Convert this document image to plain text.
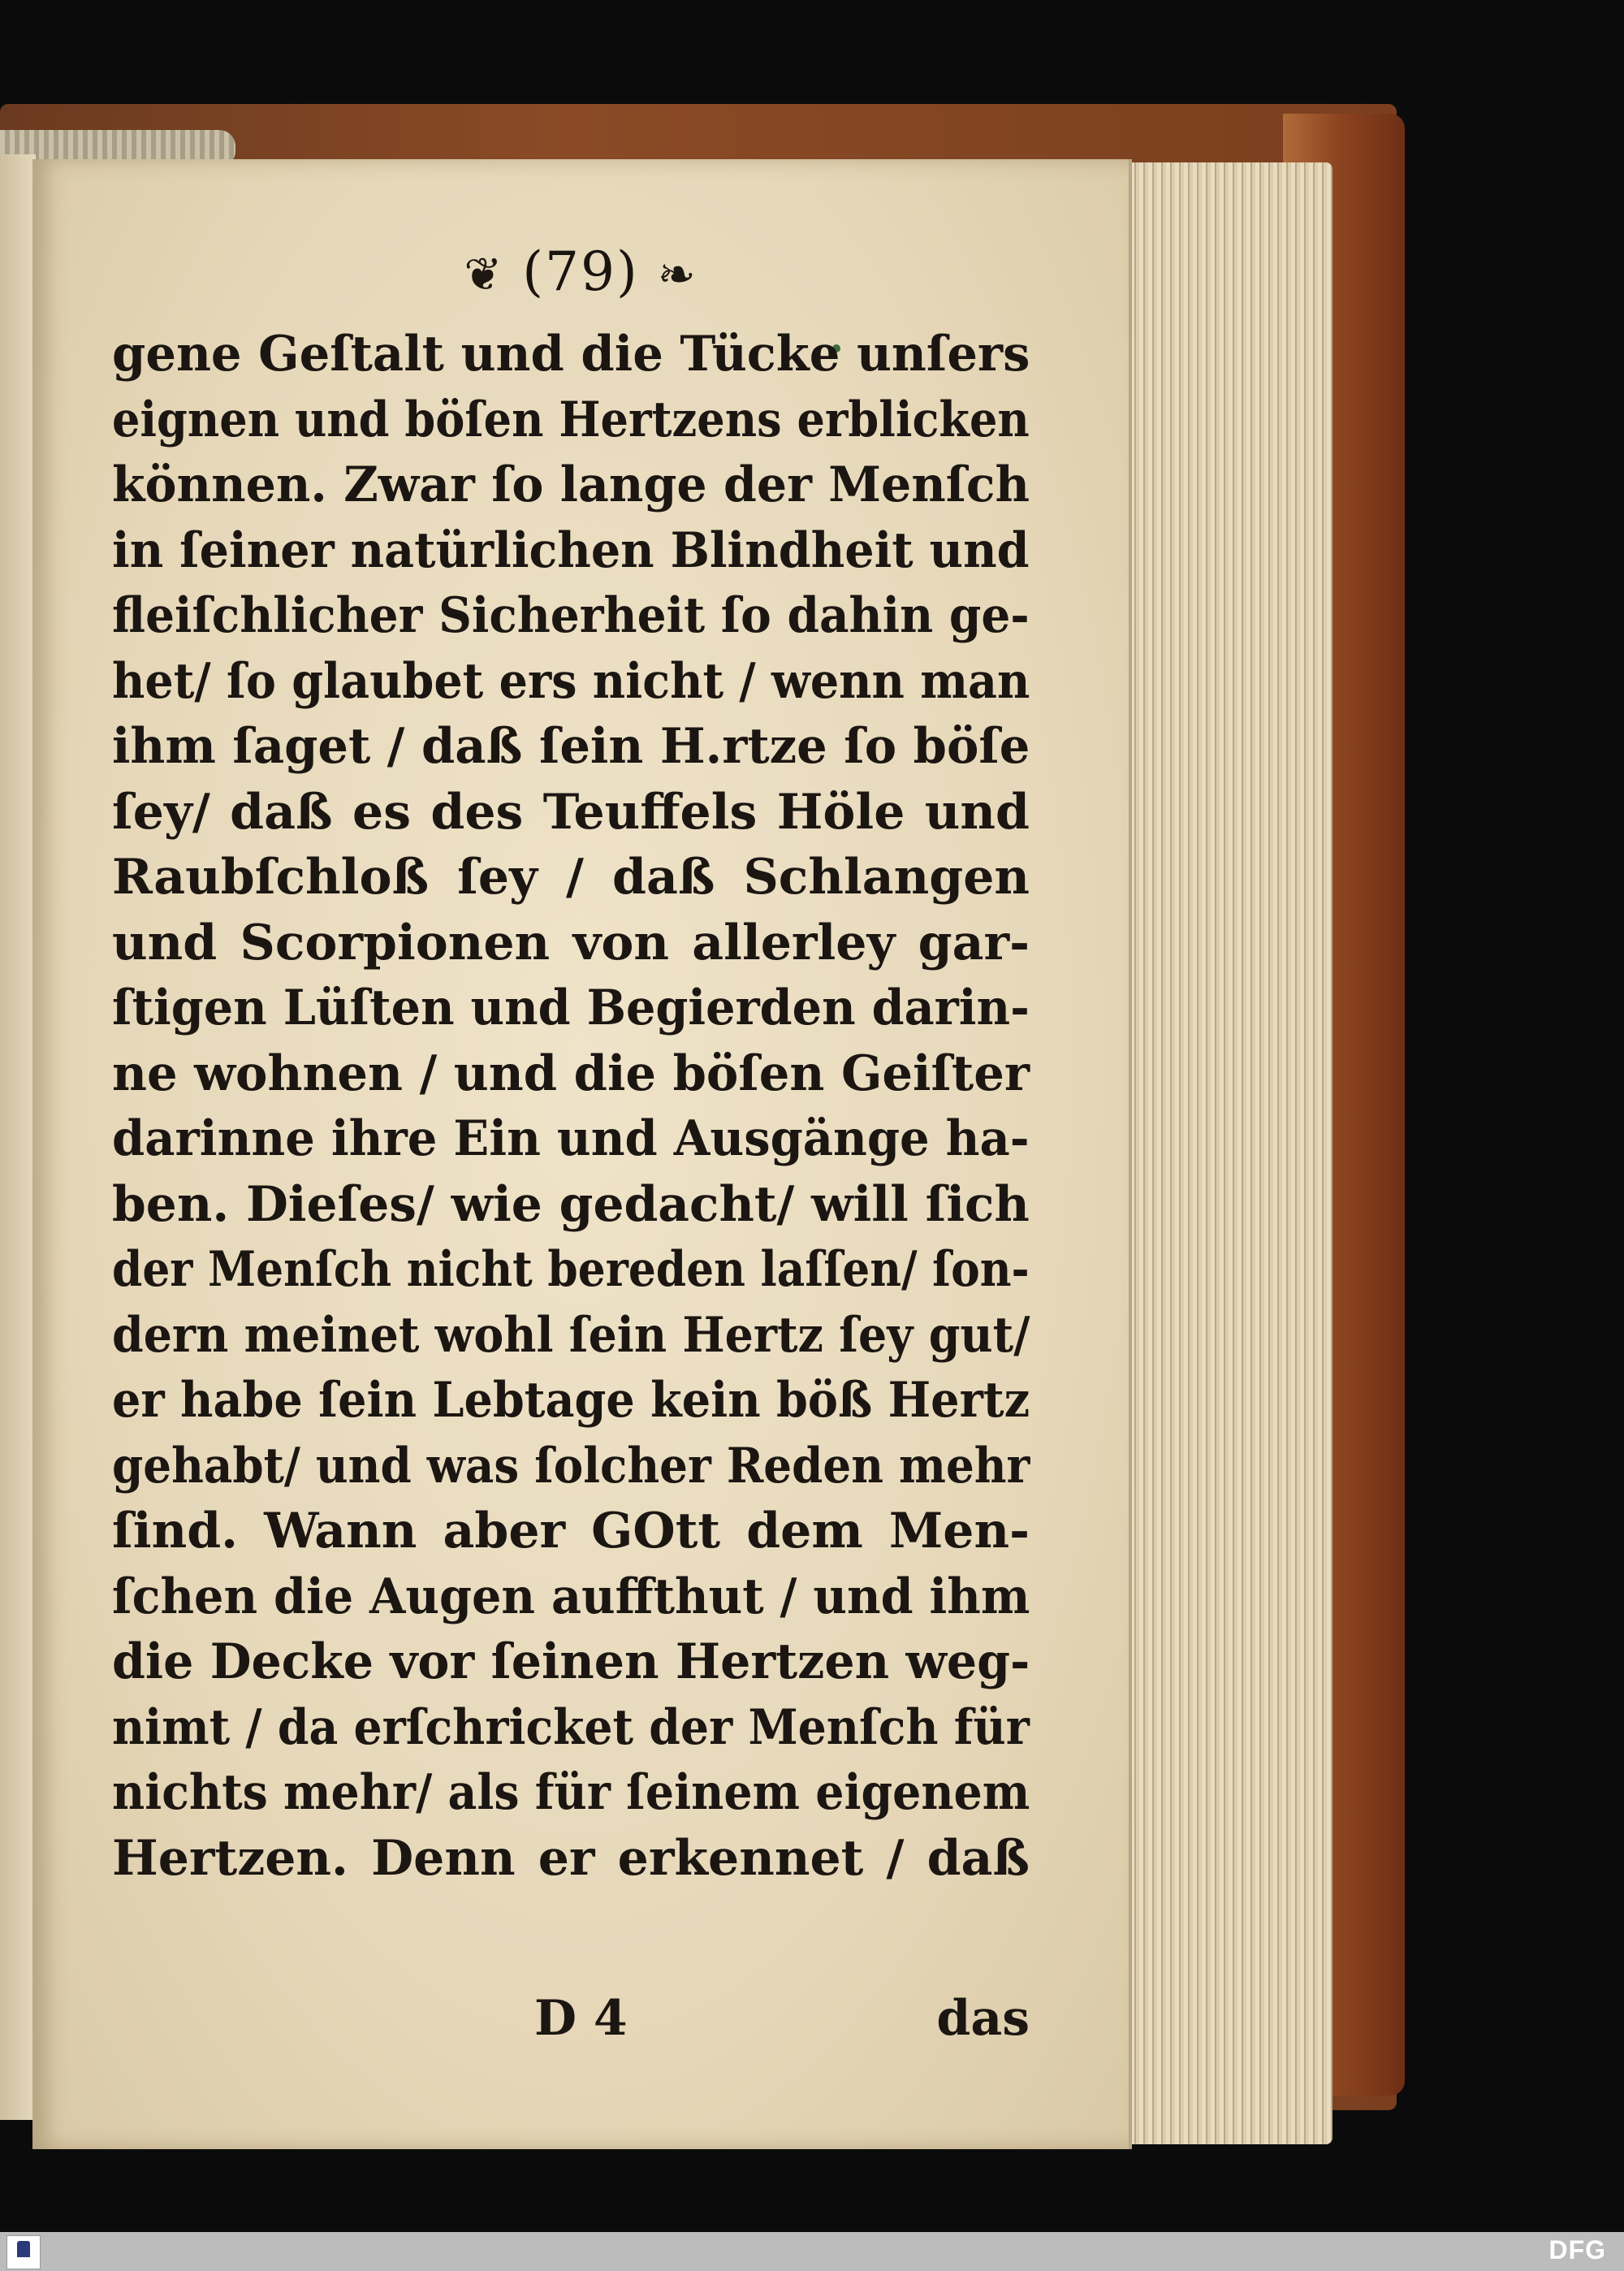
❦ (79) ❧
gene Geſtalt und die Tücke unſers
eignen und böſen Hertzens erblicken
können. Zwar ſo lange der Menſch
in ſeiner natürlichen Blindheit und
fleiſchlicher Sicherheit ſo dahin ge-
het/ ſo glaubet ers nicht / wenn man
ihm ſaget / daß ſein H.rtze ſo böſe
ſey/ daß es des Teuffels Höle und
Raubſchloß ſey / daß Schlangen
und Scorpionen von allerley gar-
ſtigen Lüſten und Begierden darin-
ne wohnen / und die böſen Geiſter
darinne ihre Ein und Ausgänge ha-
ben. Dieſes/ wie gedacht/ will ſich
der Menſch nicht bereden laſſen/ ſon-
dern meinet wohl ſein Hertz ſey gut/
er habe ſein Lebtage kein böß Hertz
gehabt/ und was ſolcher Reden mehr
ſind. Wann aber GOtt dem Men-
ſchen die Augen auffthut / und ihm
die Decke vor ſeinen Hertzen weg-
nimt / da erſchricket der Menſch für
nichts mehr/ als für ſeinem eigenem
Hertzen. Denn er erkennet / daß
D 4	das
DFG
